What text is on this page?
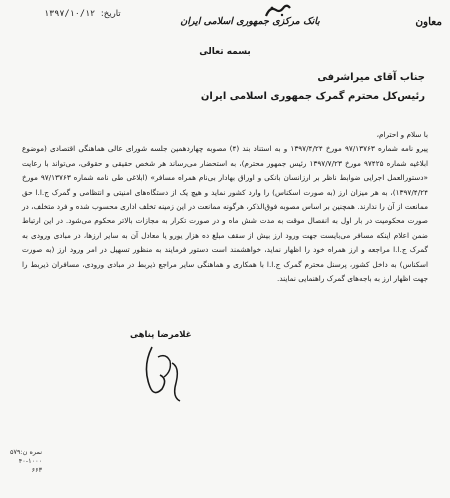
تاریخ: ۱۳۹۷/۱۰/۱۲
بانک مرکزی جمهوری اسلامی ایران	معاون
بسمه تعالی
جناب آقای میراشرفی
رئیس‌کل محترم گمرک جمهوری اسلامی ایران

با سلام و احترام،

پیرو نامه شماره ۹۷/۱۳۷۶۳ مورخ ۱۳۹۷/۴/۲۴ و به استناد بند (۴) مصوبه چهاردهمین جلسه شورای عالی هماهنگی اقتصادی (موضوع ابلاغیه شماره ۹۷۴۲۵ مورخ ۱۳۹۷/۷/۲۳ رئیس جمهور محترم)، به استحضار می‌رساند هر شخص حقیقی و حقوقی، می‌تواند با رعایت «دستورالعمل اجرایی ضوابط ناظر بر ارزانسان بانکی و اوراق بهادار بی‌نام همراه مسافر» (ابلاغی طی نامه شماره ۹۷/۱۳۷۶۳ مورخ ۱۳۹۷/۴/۲۴)، به هر میزان ارز (به صورت اسکناس) را وارد کشور نماید و هیچ یک از دستگاه‌های امنیتی و انتظامی و گمرک ج.ا.ا حق ممانعت از آن را ندارند. همچنین بر اساس مصوبه فوق‌الذکر، هرگونه ممانعت در این زمینه تخلف اداری محسوب شده و فرد متخلف، در صورت محکومیت در بار اول به انفصال موقت به مدت شش ماه و در صورت تکرار به مجازات بالاتر محکوم می‌شود. در این ارتباط ضمن اعلام اینکه مسافر می‌بایست جهت ورود ارز بیش از سقف مبلغ ده هزار یورو یا معادل آن به سایر ارزها، در مبادی ورودی به گمرک ج.ا.ا مراجعه و ارز همراه خود را اظهار نماید، خواهشمند است دستور فرمایند به منظور تسهیل در امر ورود ارز (به صورت اسکناس) به داخل کشور، پرسنل محترم گمرک ج.ا.ا با همکاری و هماهنگی سایر مراجع ذیربط در مبادی ورودی، مسافران ذیربط را جهت اظهار ارز به باجه‌های گمرک راهنمایی نمایند.

غلامرضا پناهی
نمره ن:۵۷۹
۴۰-۱۰۰۰
۶۶۳
